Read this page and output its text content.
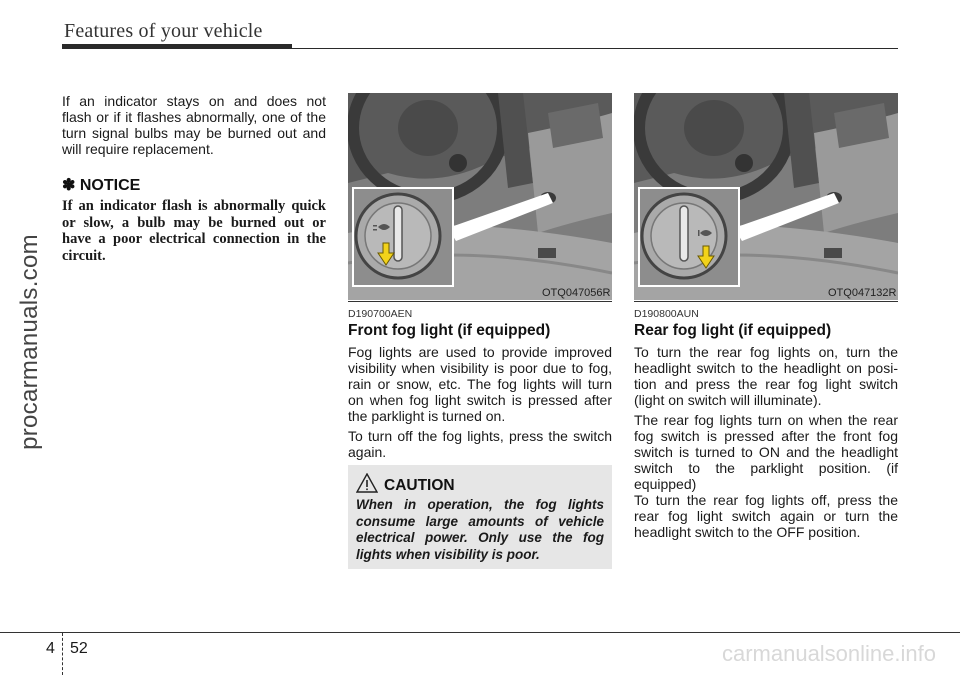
Features of your vehicle
procarmanuals.com
carmanualsonline.info
If an indicator stays on and does not
flash or if it flashes abnormally, one of the
turn signal bulbs may be burned out and
will require replacement.
✽ NOTICE
If an indicator flash is abnormally quick
or slow, a bulb may be burned out or
have a poor electrical connection in the
circuit.
OTQ047056R
D190700AEN
Front fog light (if equipped)
Fog lights are used to provide improved
visibility when visibility is poor due to fog,
rain or snow, etc. The fog lights will turn
on when fog light switch is pressed after
the parklight is turned on.
To turn off the fog lights, press the switch
again.
CAUTION
When in operation, the fog lights
consume large amounts of vehicle
electrical power. Only use the fog
lights when visibility is poor.
OTQ047132R
D190800AUN
Rear fog light (if equipped)
To turn the rear fog lights on, turn the
headlight switch to the headlight on posi-
tion and press the rear fog light switch
(light on switch will illuminate).
The rear fog lights turn on when the rear
fog switch is pressed after the front fog
switch is turned to ON and the headlight
switch to the parklight position. (if
equipped)
To turn the rear fog lights off, press the
rear fog light switch again or turn the
headlight switch to the OFF position.
4 52
